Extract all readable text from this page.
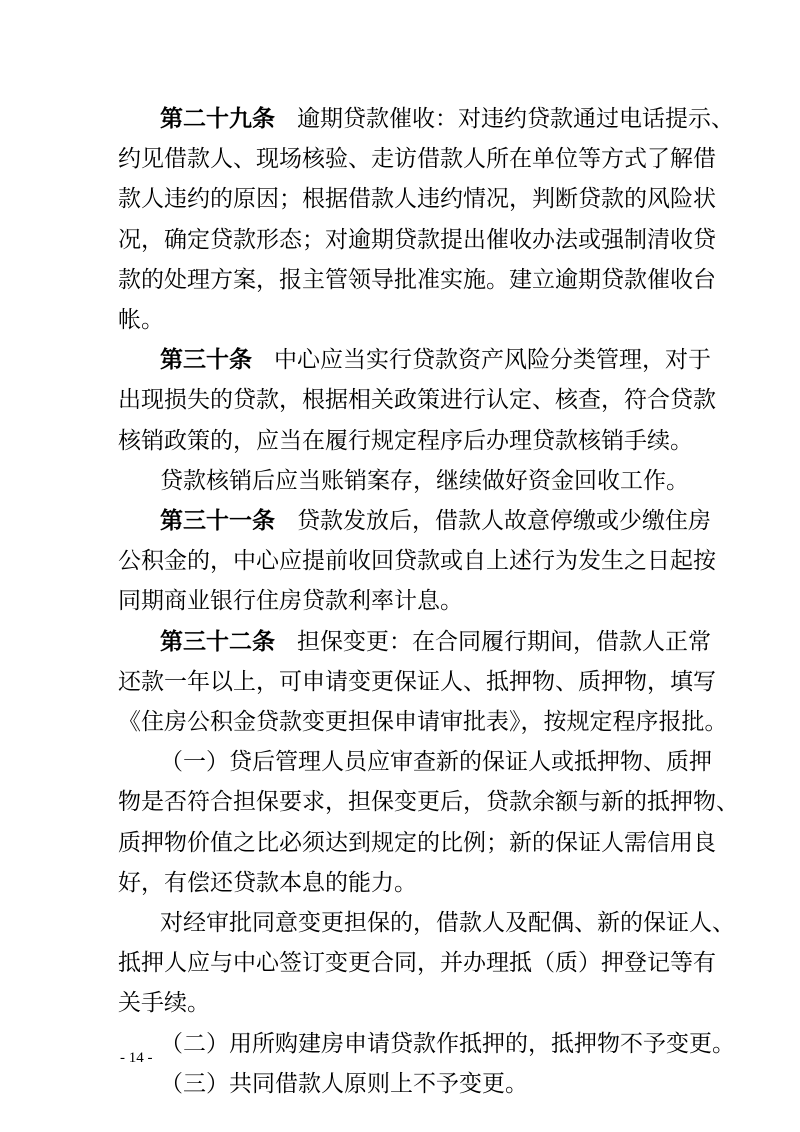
- 14 -
第二十九条 逾期贷款催收：对违约贷款通过电话提示、
约见借款人、现场核验、走访借款人所在单位等方式了解借
款人违约的原因；根据借款人违约情况，判断贷款的风险状
况，确定贷款形态；对逾期贷款提出催收办法或强制清收贷
款的处理方案，报主管领导批准实施。建立逾期贷款催收台
帐。
第三十条 中心应当实行贷款资产风险分类管理，对于
出现损失的贷款，根据相关政策进行认定、核查，符合贷款
核销政策的，应当在履行规定程序后办理贷款核销手续。
贷款核销后应当账销案存，继续做好资金回收工作。
第三十一条 贷款发放后，借款人故意停缴或少缴住房
公积金的，中心应提前收回贷款或自上述行为发生之日起按
同期商业银行住房贷款利率计息。
第三十二条 担保变更：在合同履行期间，借款人正常
还款一年以上，可申请变更保证人、抵押物、质押物，填写
《住房公积金贷款变更担保申请审批表》，按规定程序报批。
（一）贷后管理人员应审查新的保证人或抵押物、质押
物是否符合担保要求，担保变更后，贷款余额与新的抵押物、
质押物价值之比必须达到规定的比例；新的保证人需信用良
好，有偿还贷款本息的能力。
对经审批同意变更担保的，借款人及配偶、新的保证人、
抵押人应与中心签订变更合同，并办理抵（质）押登记等有
关手续。
（二）用所购建房申请贷款作抵押的，抵押物不予变更。
（三）共同借款人原则上不予变更。
